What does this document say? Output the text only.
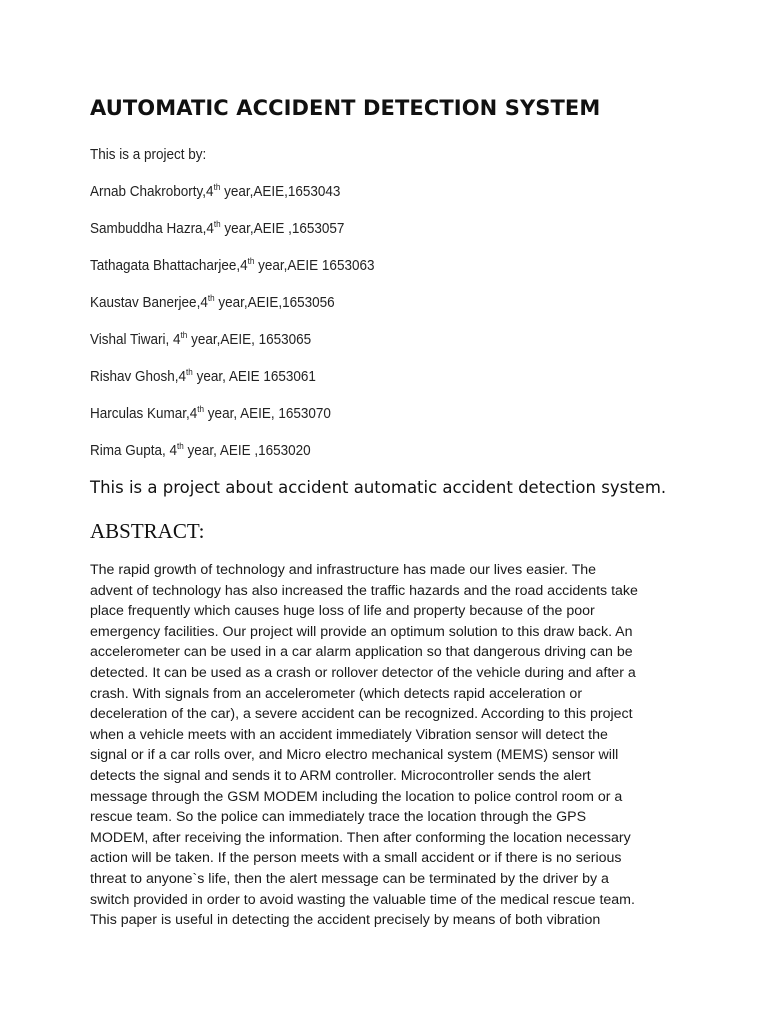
AUTOMATIC ACCIDENT DETECTION SYSTEM
This is a project by:
Arnab Chakroborty,4th year,AEIE,1653043
Sambuddha Hazra,4th year,AEIE ,1653057
Tathagata Bhattacharjee,4th year,AEIE 1653063
Kaustav Banerjee,4th year,AEIE,1653056
Vishal Tiwari, 4th year,AEIE, 1653065
Rishav Ghosh,4th year, AEIE 1653061
Harculas Kumar,4th year, AEIE, 1653070
Rima Gupta, 4th year, AEIE ,1653020
This is a project about accident automatic accident detection system.
ABSTRACT:
The rapid growth of technology and infrastructure has made our lives easier. The
advent of technology has also increased the traffic hazards and the road accidents take
place frequently which causes huge loss of life and property because of the poor
emergency facilities. Our project will provide an optimum solution to this draw back. An
accelerometer can be used in a car alarm application so that dangerous driving can be
detected. It can be used as a crash or rollover detector of the vehicle during and after a
crash. With signals from an accelerometer (which detects rapid acceleration or
deceleration of the car), a severe accident can be recognized. According to this project
when a vehicle meets with an accident immediately Vibration sensor will detect the
signal or if a car rolls over, and Micro electro mechanical system (MEMS) sensor will
detects the signal and sends it to ARM controller. Microcontroller sends the alert
message through the GSM MODEM including the location to police control room or a
rescue team. So the police can immediately trace the location through the GPS
MODEM, after receiving the information. Then after conforming the location necessary
action will be taken. If the person meets with a small accident or if there is no serious
threat to anyone`s life, then the alert message can be terminated by the driver by a
switch provided in order to avoid wasting the valuable time of the medical rescue team.
This paper is useful in detecting the accident precisely by means of both vibration
